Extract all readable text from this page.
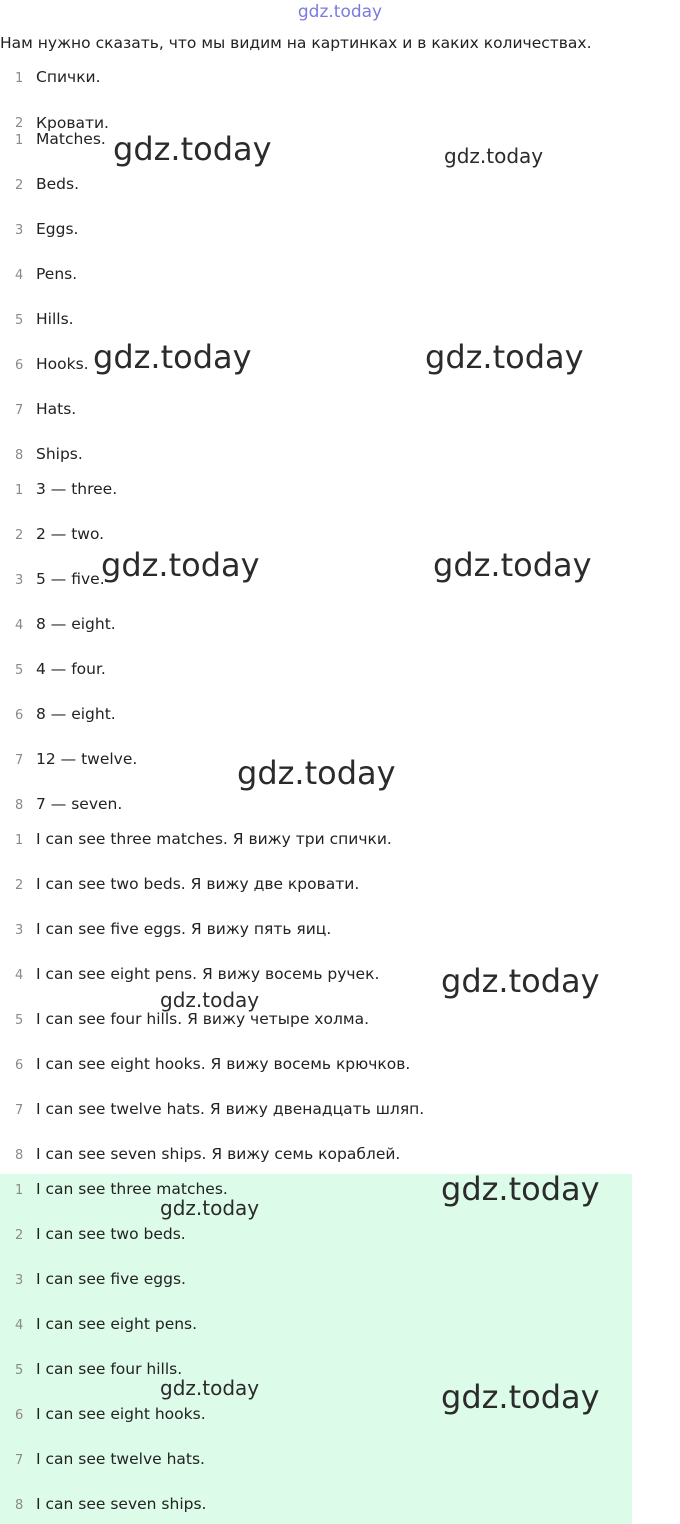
gdz.today
Нам нужно сказать, что мы видим на картинках и в каких количествах.
1 Спички.
2 Кровати.
1 Matches.
2 Beds.
3 Eggs.
4 Pens.
5 Hills.
6 Hooks.
7 Hats.
8 Ships.
1 3 — three.
2 2 — two.
3 5 — five.
4 8 — eight.
5 4 — four.
6 8 — eight.
7 12 — twelve.
8 7 — seven.
1 I can see three matches. Я вижу три спички.
2 I can see two beds. Я вижу две кровати.
3 I can see five eggs. Я вижу пять яиц.
4 I can see eight pens. Я вижу восемь ручек.
5 I can see four hills. Я вижу четыре холма.
6 I can see eight hooks. Я вижу восемь крючков.
7 I can see twelve hats. Я вижу двенадцать шляп.
8 I can see seven ships. Я вижу семь кораблей.
1 I can see three matches.
2 I can see two beds.
3 I can see five eggs.
4 I can see eight pens.
5 I can see four hills.
6 I can see eight hooks.
7 I can see twelve hats.
8 I can see seven ships.
gdz.today	gdz.today
gdz.today	gdz.today
gdz.today	gdz.today
gdz.today
gdz.today
gdz.today
gdz.today
gdz.today
gdz.today	gdz.today
